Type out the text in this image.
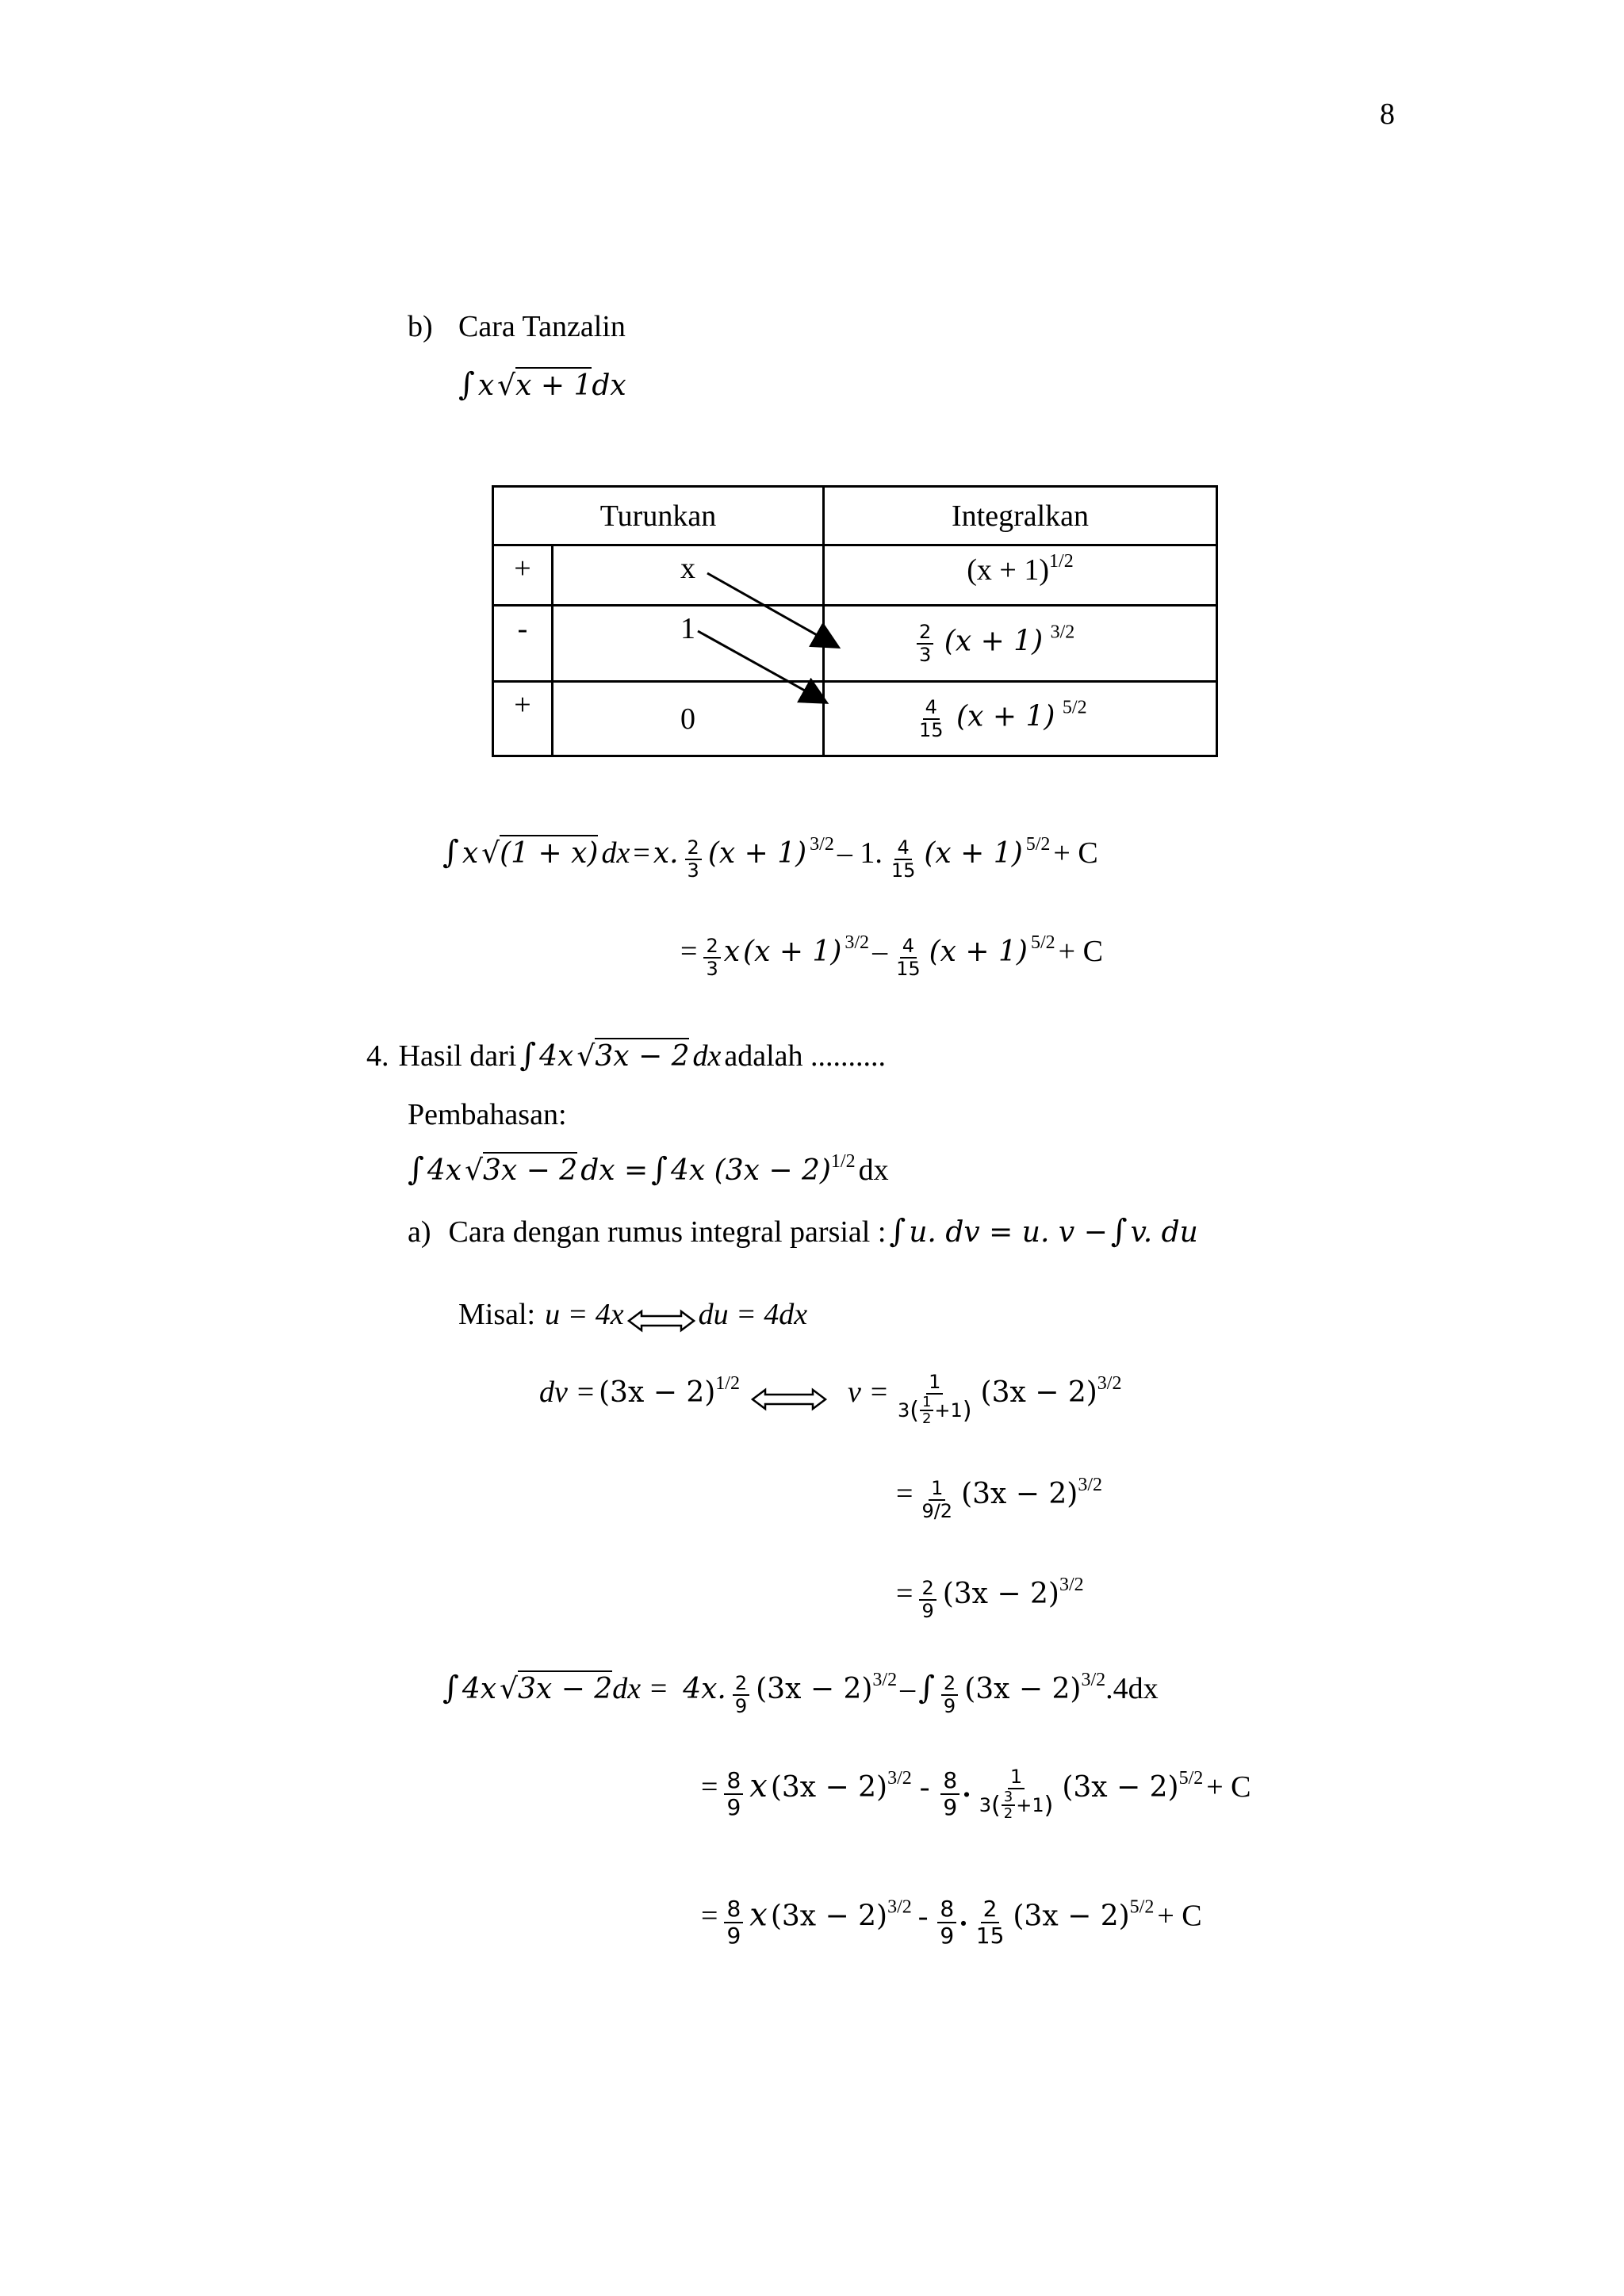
8
b) Cara Tanzalin
∫ x √x + 1dx
Turunkan		Integralkan
+	x	$(x + 1)^{1/2}$
-	1	$\frac{2}{3} (x + 1)$ $^{3/2}$
+	0	$\frac{4}{15} (x + 1)$ $^{5/2}$
∫ x √(1 + x) dx = x. $\frac{2}{3} (x + 1)$ $^{3/2}$ – 1. $\frac{4}{15} (x + 1) ^{5/2} + C$
= $\frac{2}{3}$ x (x + 1) $^{3/2} - \frac{4}{15} (x + 1) ^{5/2} + C$
4. Hasil dari ∫ 4x √3x − 2 dx adalah ..........
Pembahasan:
∫ 4x √3x − 2 dx = ∫ 4x $(3x - 2)^{1/2}$ dx
a) Cara dengan rumus integral parsial : ∫ u. dv = u. v − ∫ v. du
Misal: u = 4x du = 4dx
dv = $(3x - 2)^{1/2}$	$v = \frac{1}{3 ( \frac{1}{2} +1 )} (3x - 2)^{3/2}$
= $\frac{1}{9/2} (3x - 2)^{3/2}$
= $\frac{2}{9} (3x - 2)^{3/2}$
∫ 4x √3x − 2dx = 4x. $\frac{2}{9} (3x - 2)^{3/2}$ – ∫ $\frac{2}{9} (3x - 2)^{3/2}.4dx$
= $\frac{8}{9}$ x $(3x - 2)^{3/2} - \frac{8}{9}$ . $\frac{1}{3 ( \frac{3}{2} +1 )} (3x - 2)^{5/2} + C$
= $\frac{8}{9}$ x $(3x - 2)^{3/2} - \frac{8}{9}$ . $\frac{2}{15} (3x - 2)^{5/2} + C$
